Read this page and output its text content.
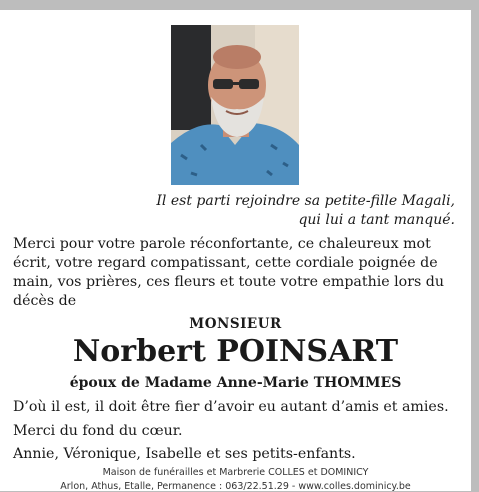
Il est parti rejoindre sa petite-fille Magali,
qui lui a tant manqué.
Merci pour votre parole réconfortante, ce chaleureux mot
écrit, votre regard compatissant, cette cordiale poignée de
main, vos prières, ces fleurs et toute votre empathie lors du
décès de
MONSIEUR
Norbert POINSART
époux de Madame Anne-Marie THOMMES
D’où il est, il doit être fier d’avoir eu autant d’amis et amies.
Merci du fond du cœur.
Annie, Véronique, Isabelle et ses petits-enfants.
Maison de funérailles et Marbrerie COLLES et DOMINICY
Arlon, Athus, Etalle, Permanence : 063/22.51.29 - www.colles.dominicy.be
